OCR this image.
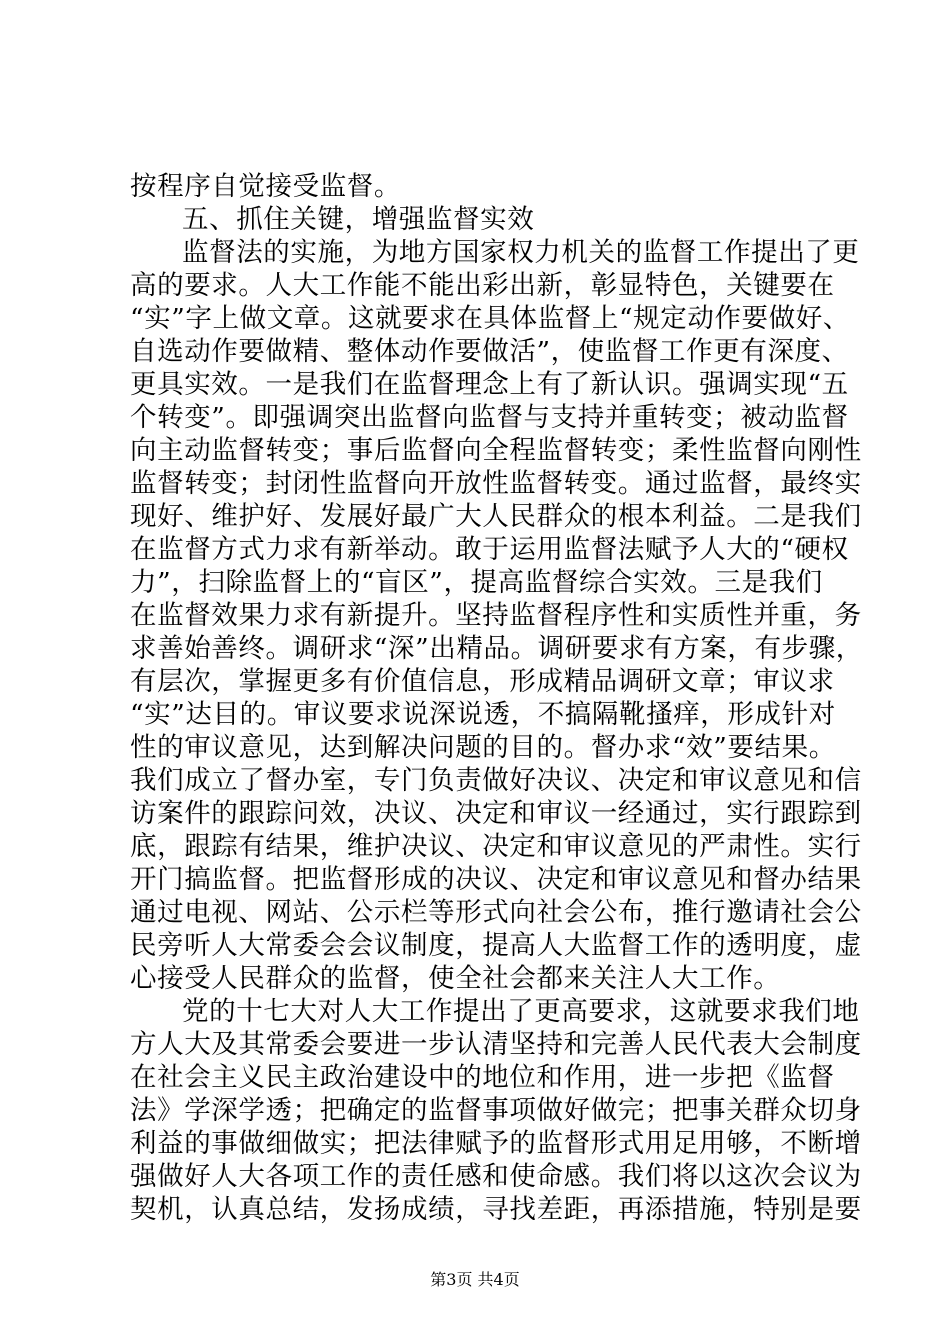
按程序自觉接受监督。
五、抓住关键，增强监督实效
监督法的实施，为地方国家权力机关的监督工作提出了更
高的要求。人大工作能不能出彩出新，彰显特色，关键要在
“实”字上做文章。这就要求在具体监督上“规定动作要做好、
自选动作要做精、整体动作要做活”，使监督工作更有深度、
更具实效。一是我们在监督理念上有了新认识。强调实现“五
个转变”。即强调突出监督向监督与支持并重转变；被动监督
向主动监督转变；事后监督向全程监督转变；柔性监督向刚性
监督转变；封闭性监督向开放性监督转变。通过监督，最终实
现好、维护好、发展好最广大人民群众的根本利益。二是我们
在监督方式力求有新举动。敢于运用监督法赋予人大的“硬权
力”，扫除监督上的“盲区”，提高监督综合实效。三是我们
在监督效果力求有新提升。坚持监督程序性和实质性并重，务
求善始善终。调研求“深”出精品。调研要求有方案，有步骤，
有层次，掌握更多有价值信息，形成精品调研文章；审议求
“实”达目的。审议要求说深说透，不搞隔靴搔痒，形成针对
性的审议意见，达到解决问题的目的。督办求“效”要结果。
我们成立了督办室，专门负责做好决议、决定和审议意见和信
访案件的跟踪问效，决议、决定和审议一经通过，实行跟踪到
底，跟踪有结果，维护决议、决定和审议意见的严肃性。实行
开门搞监督。把监督形成的决议、决定和审议意见和督办结果
通过电视、网站、公示栏等形式向社会公布，推行邀请社会公
民旁听人大常委会会议制度，提高人大监督工作的透明度，虚
心接受人民群众的监督，使全社会都来关注人大工作。
党的十七大对人大工作提出了更高要求，这就要求我们地
方人大及其常委会要进一步认清坚持和完善人民代表大会制度
在社会主义民主政治建设中的地位和作用，进一步把《监督
法》学深学透；把确定的监督事项做好做完；把事关群众切身
利益的事做细做实；把法律赋予的监督形式用足用够，不断增
强做好人大各项工作的责任感和使命感。我们将以这次会议为
契机，认真总结，发扬成绩，寻找差距，再添措施，特别是要
第3页 共4页
